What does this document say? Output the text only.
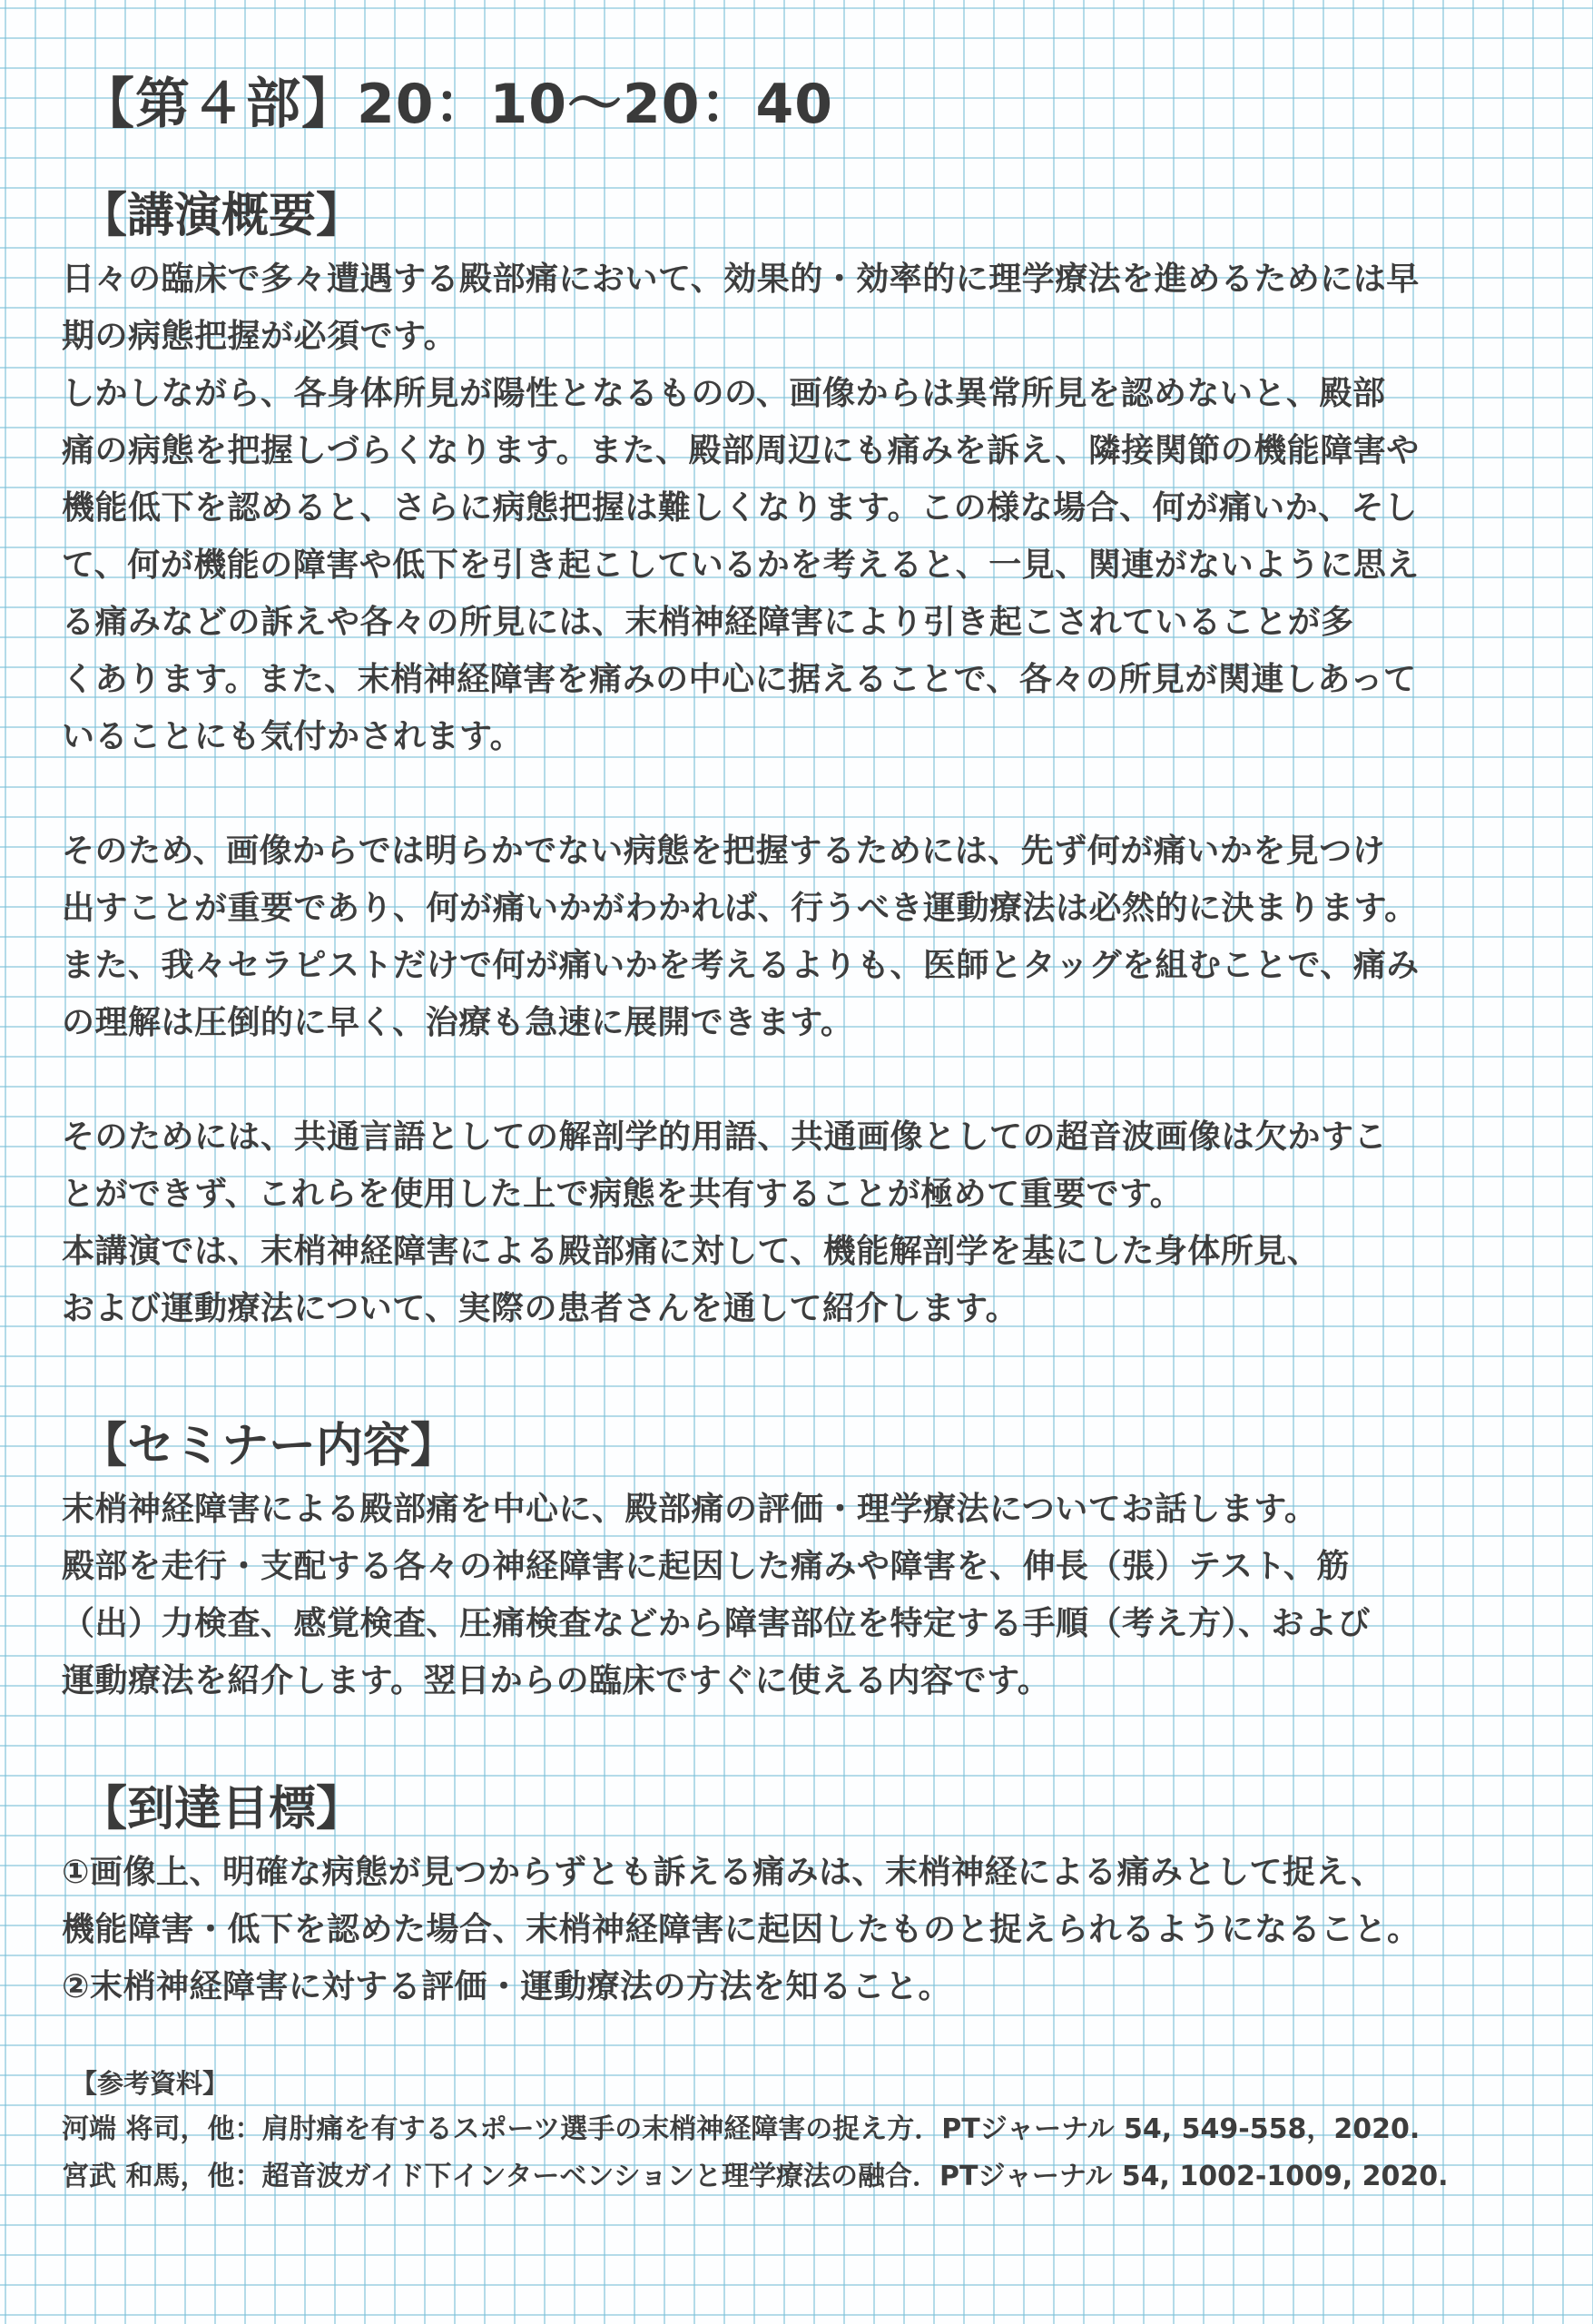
【第４部】20：10〜20：40
【講演概要】

日々の臨床で多々遭遇する殿部痛において、効果的・効率的に理学療法を進めるためには早

期の病態把握が必須です。

しかしながら、各身体所見が陽性となるものの、画像からは異常所見を認めないと、殿部

痛の病態を把握しづらくなります。また、殿部周辺にも痛みを訴え、隣接関節の機能障害や

機能低下を認めると、さらに病態把握は難しくなります。この様な場合、何が痛いか、そし

て、何が機能の障害や低下を引き起こしているかを考えると、一見、関連がないように思え

る痛みなどの訴えや各々の所見には、末梢神経障害により引き起こされていることが多

くあります。また、末梢神経障害を痛みの中心に据えることで、各々の所見が関連しあって

いることにも気付かされます。

そのため、画像からでは明らかでない病態を把握するためには、先ず何が痛いかを見つけ

出すことが重要であり、何が痛いかがわかれば、行うべき運動療法は必然的に決まります。

また、我々セラピストだけで何が痛いかを考えるよりも、医師とタッグを組むことで、痛み

の理解は圧倒的に早く、治療も急速に展開できます。

そのためには、共通言語としての解剖学的用語、共通画像としての超音波画像は欠かすこ

とができず、これらを使用した上で病態を共有することが極めて重要です。

本講演では、末梢神経障害による殿部痛に対して、機能解剖学を基にした身体所見、

および運動療法について、実際の患者さんを通して紹介します。

【セミナー内容】

末梢神経障害による殿部痛を中心に、殿部痛の評価・理学療法についてお話します。

殿部を走行・支配する各々の神経障害に起因した痛みや障害を、伸長（張）テスト、筋

（出）力検査、感覚検査、圧痛検査などから障害部位を特定する手順（考え方）、および

運動療法を紹介します。翌日からの臨床ですぐに使える内容です。

【到達目標】

①画像上、明確な病態が見つからずとも訴える痛みは、末梢神経による痛みとして捉え、

機能障害・低下を認めた場合、末梢神経障害に起因したものと捉えられるようになること。

②末梢神経障害に対する評価・運動療法の方法を知ること。

【参考資料】

河端 将司，他：肩肘痛を有するスポーツ選手の末梢神経障害の捉え方．PTジャーナル 54, 549-558，2020.

宮武 和馬，他：超音波ガイド下インターベンションと理学療法の融合．PTジャーナル 54, 1002-1009, 2020.
